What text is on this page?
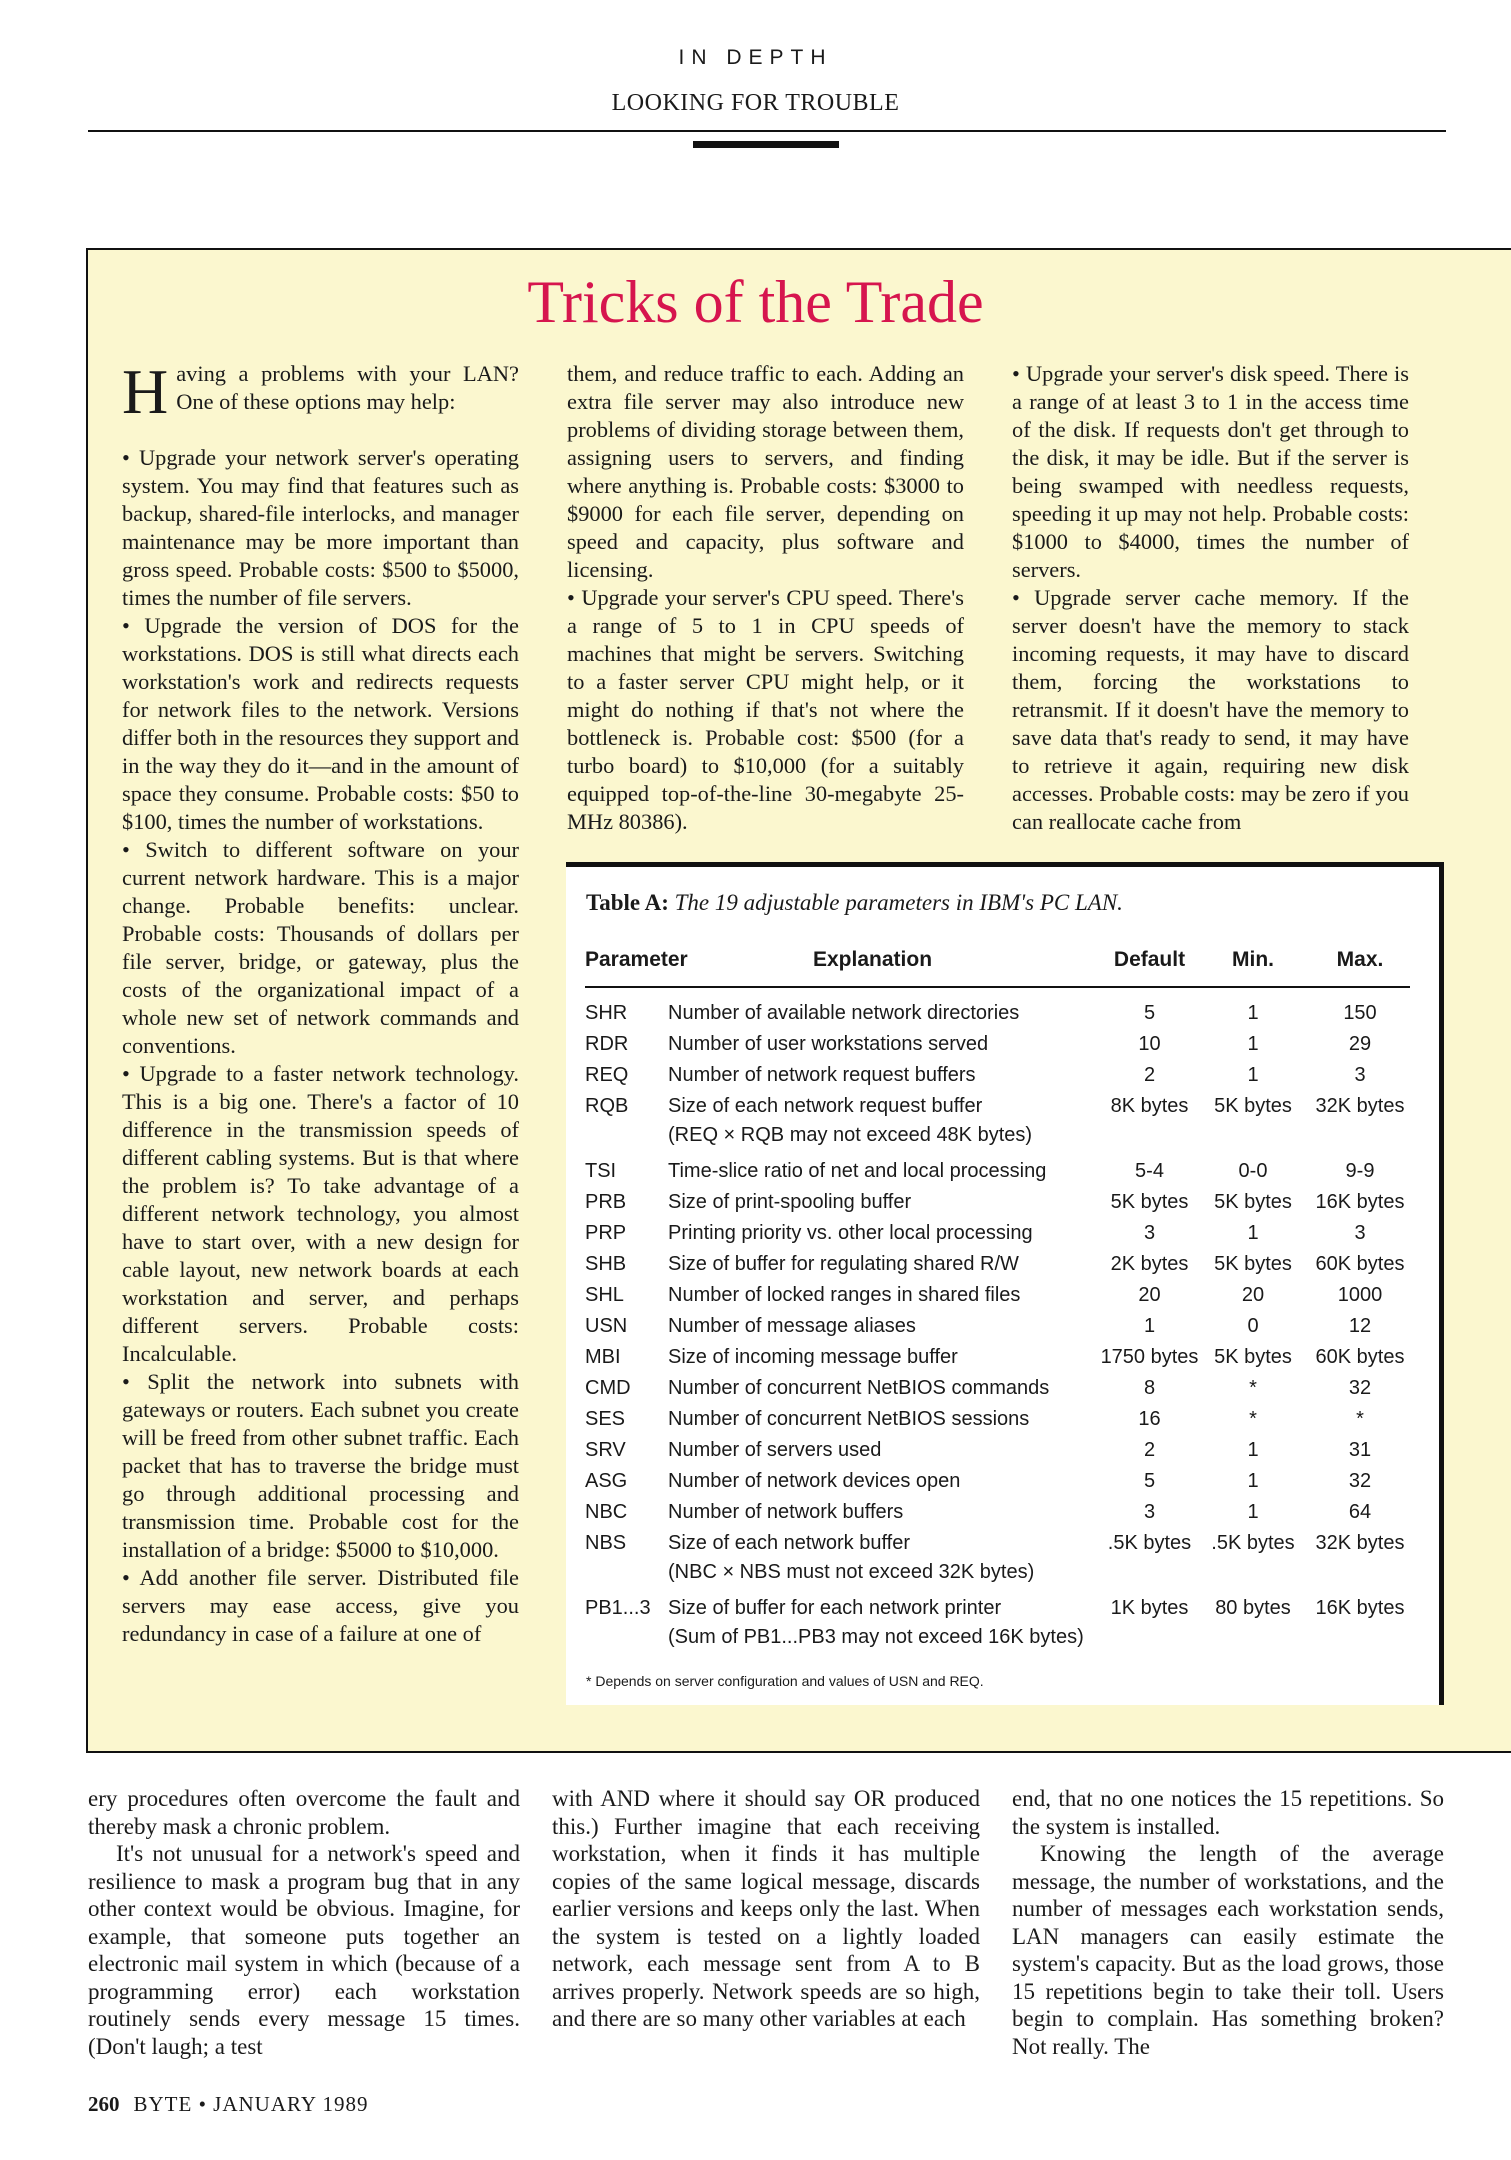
IN DEPTH
LOOKING FOR TROUBLE
Tricks of the Trade

Having a problems with your LAN? One of these options may help:

• Upgrade your network server's operating system. You may find that features such as backup, shared-file interlocks, and manager maintenance may be more important than gross speed. Probable costs: $500 to $5000, times the number of file servers.

• Upgrade the version of DOS for the workstations. DOS is still what directs each workstation's work and redirects requests for network files to the network. Versions differ both in the resources they support and in the way they do it—and in the amount of space they consume. Probable costs: $50 to $100, times the number of workstations.

• Switch to different software on your current network hardware. This is a major change. Probable benefits: unclear. Probable costs: Thousands of dollars per file server, bridge, or gateway, plus the costs of the organizational impact of a whole new set of network commands and conventions.

• Upgrade to a faster network technology. This is a big one. There's a factor of 10 difference in the transmission speeds of different cabling systems. But is that where the problem is? To take advantage of a different network technology, you almost have to start over, with a new design for cable layout, new network boards at each workstation and server, and perhaps different servers. Probable costs: Incalculable.

• Split the network into subnets with gateways or routers. Each subnet you create will be freed from other subnet traffic. Each packet that has to traverse the bridge must go through additional processing and transmission time. Probable cost for the installation of a bridge: $5000 to $10,000.

• Add another file server. Distributed file servers may ease access, give you redundancy in case of a failure at one of

them, and reduce traffic to each. Adding an extra file server may also introduce new problems of dividing storage between them, assigning users to servers, and finding where anything is. Probable costs: $3000 to $9000 for each file server, depending on speed and capacity, plus software and licensing.

• Upgrade your server's CPU speed. There's a range of 5 to 1 in CPU speeds of machines that might be servers. Switching to a faster server CPU might help, or it might do nothing if that's not where the bottleneck is. Probable cost: $500 (for a turbo board) to $10,000 (for a suitably equipped top-of-the-line 30-megabyte 25-MHz 80386).

• Upgrade your server's disk speed. There is a range of at least 3 to 1 in the access time of the disk. If requests don't get through to the disk, it may be idle. But if the server is being swamped with needless requests, speeding it up may not help. Probable costs: $1000 to $4000, times the number of servers.

• Upgrade server cache memory. If the server doesn't have the memory to stack incoming requests, it may have to discard them, forcing the workstations to retransmit. If it doesn't have the memory to save data that's ready to send, it may have to retrieve it again, requiring new disk accesses. Probable costs: may be zero if you can reallocate cache from

Table A: The 19 adjustable parameters in IBM's PC LAN.
Parameter	Explanation	Default	Min.	Max.
SHR	Number of available network directories	5	1	150
RDR	Number of user workstations served	10	1	29
REQ	Number of network request buffers	2	1	3
RQB	Size of each network request buffer
(REQ × RQB may not exceed 48K bytes)
8K bytes	5K bytes	32K bytes
TSI	Time-slice ratio of net and local processing	5-4	0-0	9-9
PRB	Size of print-spooling buffer	5K bytes	5K bytes	16K bytes
PRP	Printing priority vs. other local processing	3	1	3
SHB	Size of buffer for regulating shared R/W	2K bytes	5K bytes	60K bytes
SHL	Number of locked ranges in shared files	20	20	1000
USN	Number of message aliases	1	0	12
MBI	Size of incoming message buffer	1750 bytes 5K bytes	60K bytes
CMD	Number of concurrent NetBIOS commands	8	*	32
SES	Number of concurrent NetBIOS sessions	16	*	*
SRV	Number of servers used	2	1	31
ASG	Number of network devices open	5	1	32
NBC	Number of network buffers	3	1	64
NBS	Size of each network buffer
(NBC × NBS must not exceed 32K bytes)
.5K bytes	.5K bytes	32K bytes
PB1...3 Size of buffer for each network printer
(Sum of PB1...PB3 may not exceed 16K bytes)
1K bytes	80 bytes	16K bytes
* Depends on server configuration and values of USN and REQ.

ery procedures often overcome the fault and thereby mask a chronic problem.

It's not unusual for a network's speed and resilience to mask a program bug that in any other context would be obvious. Imagine, for example, that someone puts together an electronic mail system in which (because of a programming error) each workstation routinely sends every message 15 times. (Don't laugh; a test

with AND where it should say OR produced this.) Further imagine that each receiving workstation, when it finds it has multiple copies of the same logical message, discards earlier versions and keeps only the last. When the system is tested on a lightly loaded network, each message sent from A to B arrives properly. Network speeds are so high, and there are so many other variables at each

end, that no one notices the 15 repetitions. So the system is installed.

Knowing the length of the average message, the number of workstations, and the number of messages each workstation sends, LAN managers can easily estimate the system's capacity. But as the load grows, those 15 repetitions begin to take their toll. Users begin to complain. Has something broken? Not really. The

260 BYTE • JANUARY 1989
